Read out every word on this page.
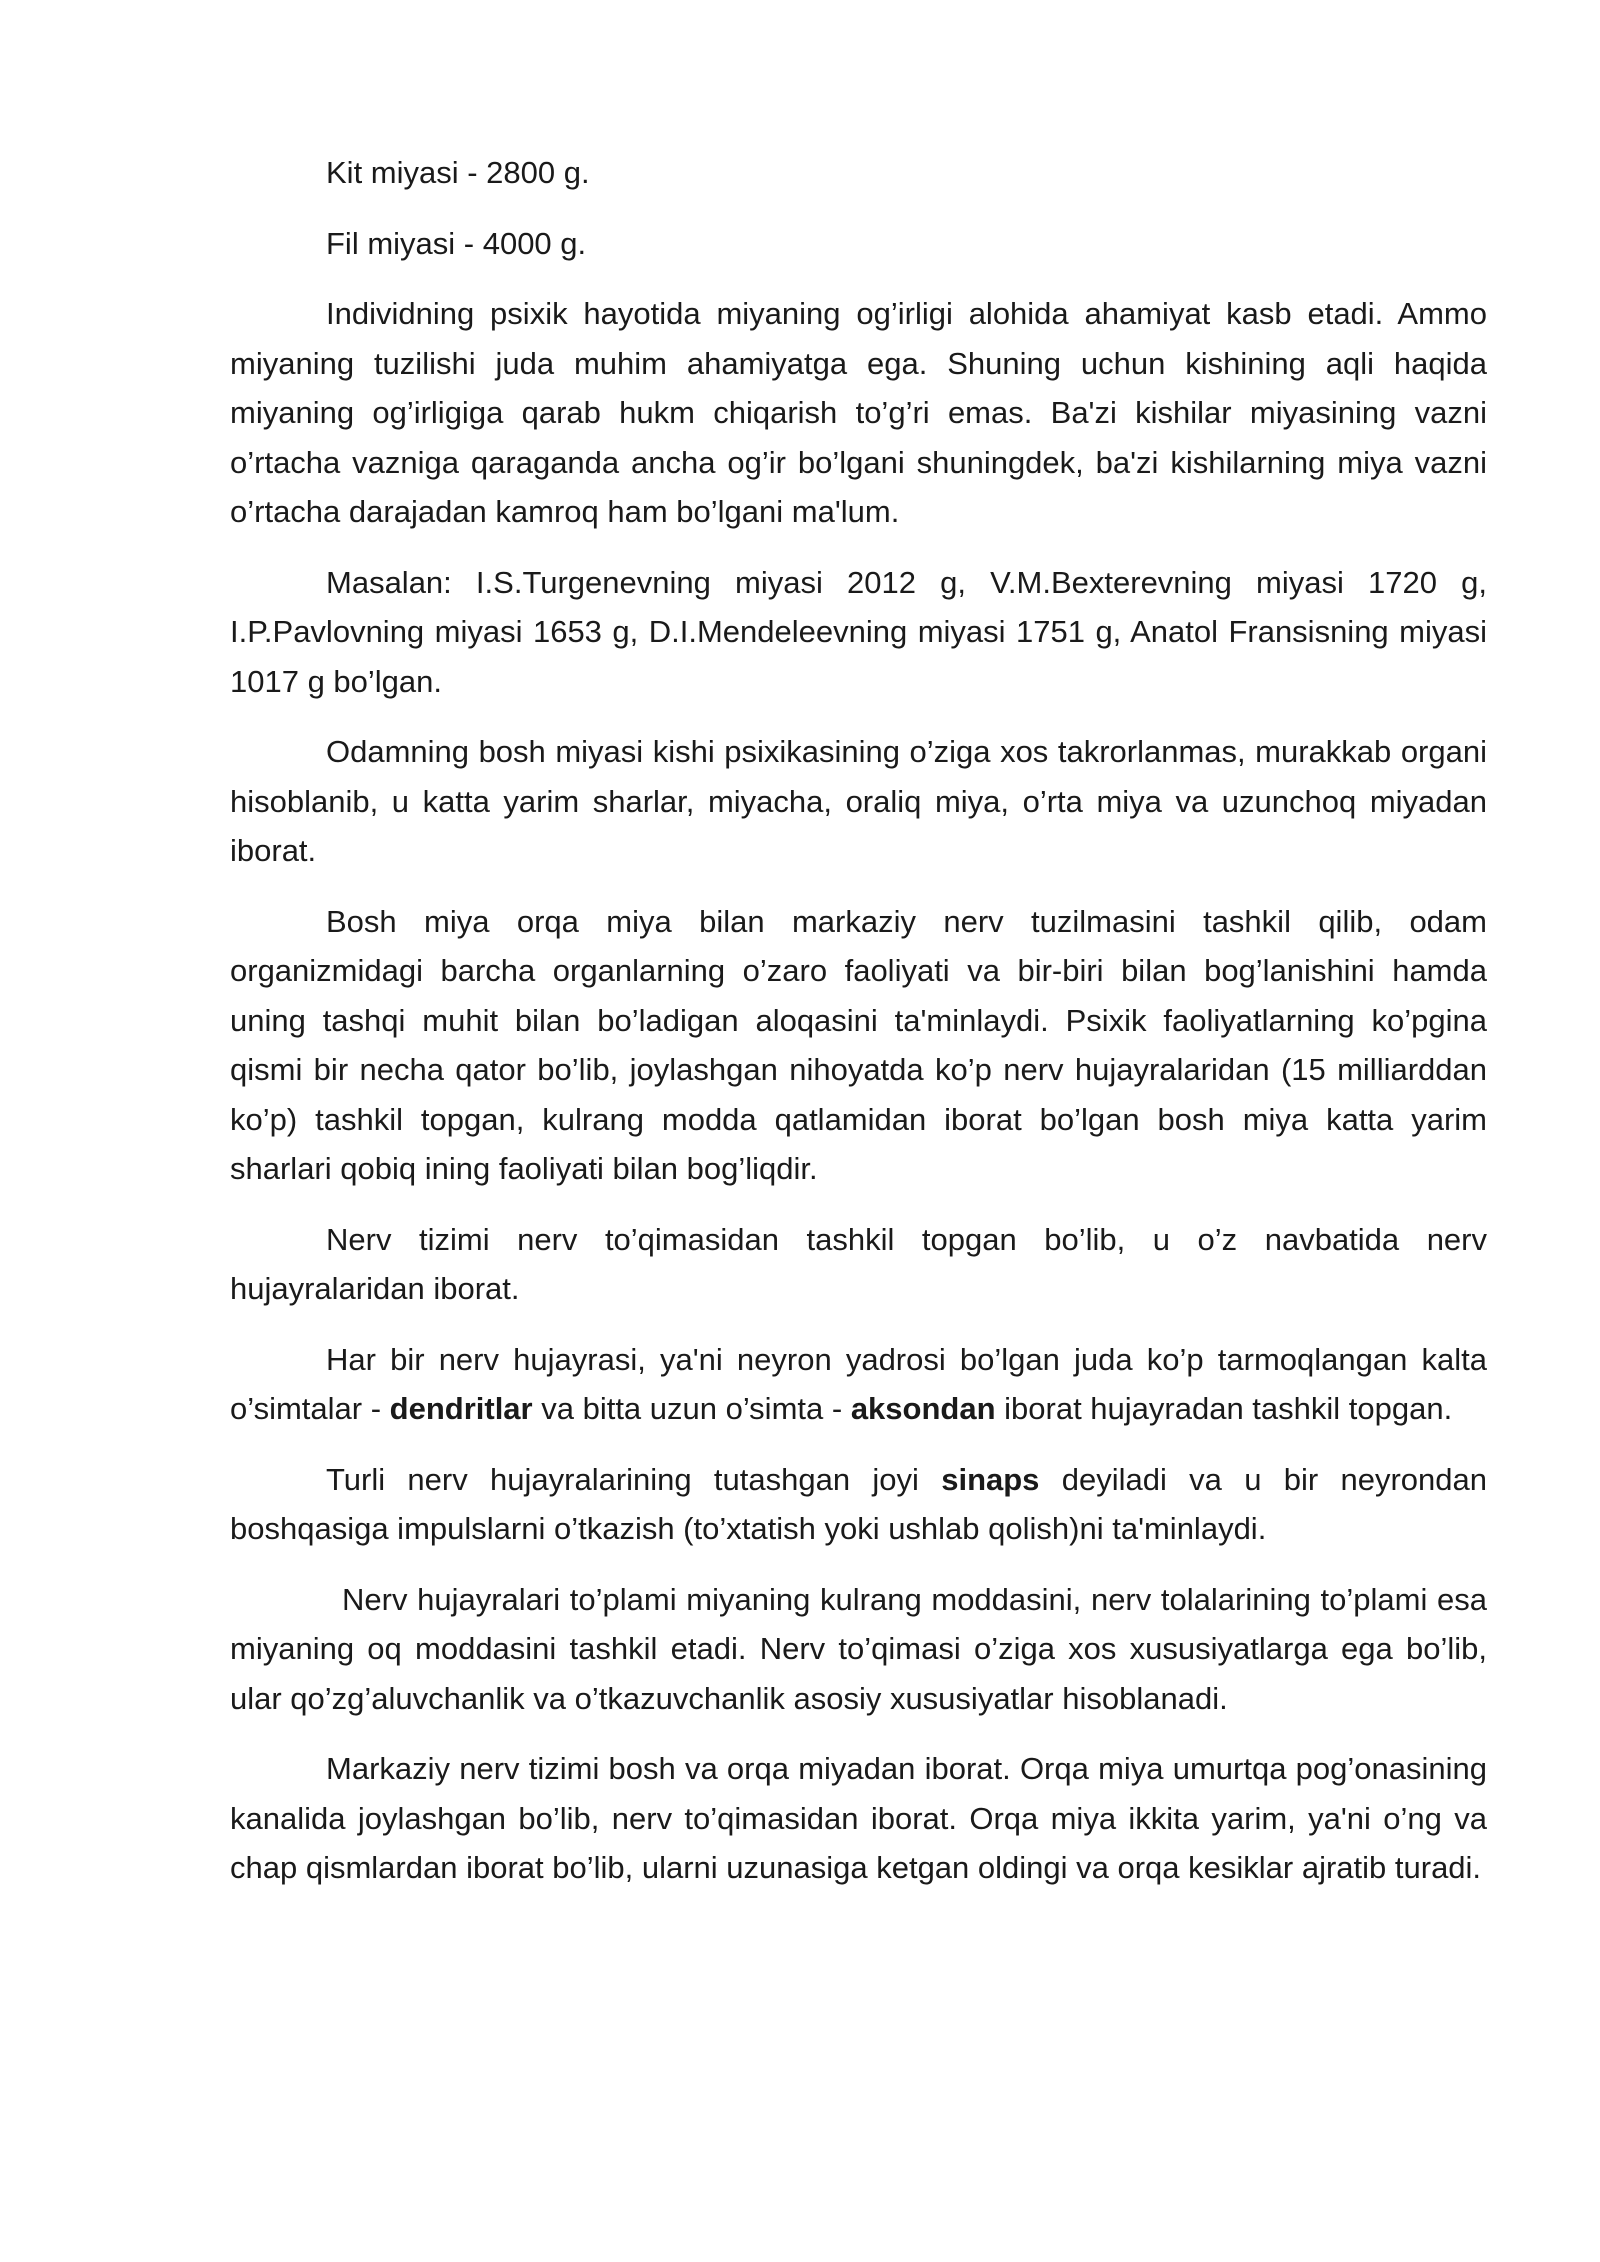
Kit miyasi - 2800 g.

Fil miyasi - 4000 g.

Individning psixik hayotida miyaning og’irligi alohida ahamiyat kasb etadi. Ammo miyaning tuzilishi juda muhim ahamiyatga ega. Shuning uchun kishining aqli haqida miyaning og’irligiga qarab hukm chiqarish to’g’ri emas. Ba'zi kishilar miyasining vazni o’rtacha vazniga qaraganda ancha og’ir bo’lgani shuningdek, ba'zi kishilarning miya vazni o’rtacha darajadan kamroq ham bo’lgani ma'lum.

Masalan: I.S.Turgenevning miyasi 2012 g, V.M.Bexterevning miyasi 1720 g, I.P.Pavlovning miyasi 1653 g, D.I.Mendeleevning miyasi 1751 g, Anatol Fransisning miyasi 1017 g bo’lgan.

Odamning bosh miyasi kishi psixikasining o’ziga xos takrorlanmas, murakkab organi hisoblanib, u katta yarim sharlar, miyacha, oraliq miya, o’rta miya va uzunchoq miyadan iborat.

Bosh miya orqa miya bilan markaziy nerv tuzilmasini tashkil qilib, odam organizmidagi barcha organlarning o’zaro faoliyati va bir-biri bilan bog’lanishini hamda uning tashqi muhit bilan bo’ladigan aloqasini ta'minlaydi. Psixik faoliyatlarning ko’pgina qismi bir necha qator bo’lib, joylashgan nihoyatda ko’p nerv hujayralaridan (15 milliarddan ko’p) tashkil topgan, kulrang modda qatlamidan iborat bo’lgan bosh miya katta yarim sharlari qobiq ining faoliyati bilan bog’liqdir.

Nerv tizimi nerv to’qimasidan tashkil topgan bo’lib, u o’z navbatida nerv hujayralaridan iborat.

Har bir nerv hujayrasi, ya'ni neyron yadrosi bo’lgan juda ko’p tarmoqlangan kalta o’simtalar - dendritlar va bitta uzun o’simta - aksondan iborat hujayradan tashkil topgan.

Turli nerv hujayralarining tutashgan joyi sinaps deyiladi va u bir neyrondan boshqasiga impulslarni o’tkazish (to’xtatish yoki ushlab qolish)ni ta'minlaydi.

Nerv hujayralari to’plami miyaning kulrang moddasini, nerv tolalarining to’plami esa miyaning oq moddasini tashkil etadi. Nerv to’qimasi o’ziga xos xususiyatlarga ega bo’lib, ular qo’zg’aluvchanlik va o’tkazuvchanlik asosiy xususiyatlar hisoblanadi.

Markaziy nerv tizimi bosh va orqa miyadan iborat. Orqa miya umurtqa pog’onasining kanalida joylashgan bo’lib, nerv to’qimasidan iborat. Orqa miya ikkita yarim, ya'ni o’ng va chap qismlardan iborat bo’lib, ularni uzunasiga ketgan oldingi va orqa kesiklar ajratib turadi.
